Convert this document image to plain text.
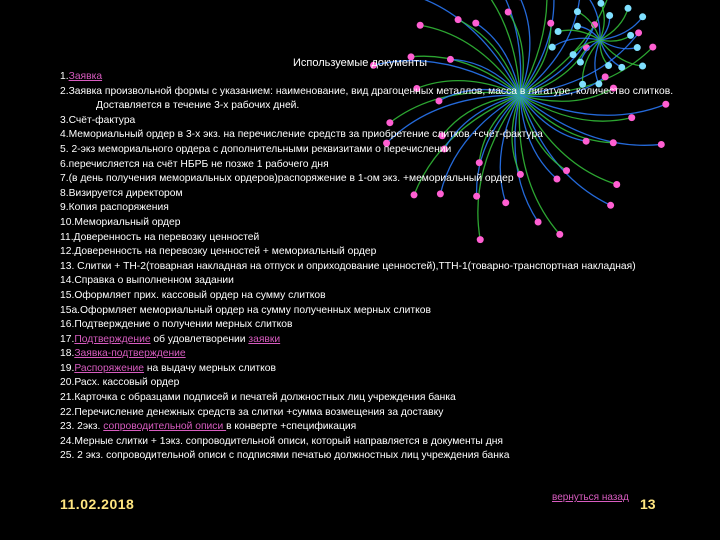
Используемые документы
1.Заявка
2.Заявка произвольной формы с указанием: наименование, вид драгоценных металлов, масса в лигатуре, количество слитков. Доставляется в течение 3-х рабочих дней.
3.Счёт-фактура
4.Мемориальный ордер в 3-х экз. на перечисление средств за приобретение слитков +счёт-фактура
5. 2-экз мемориального ордера с дополнительными реквизитами о перечислении
6.перечисляется на счёт НБРБ не позже 1 рабочего дня
7.(в день получения мемориальных ордеров)распоряжение в 1-ом экз. +мемориальный ордер
8.Визируется директором
9.Копия распоряжения
10.Мемориальный ордер
11.Доверенность на перевозку ценностей
12.Доверенность на перевозку ценностей + мемориальный ордер
13. Слитки + ТН-2(товарная накладная на отпуск и оприходование ценностей),ТТН-1(товарно-транспортная накладная)
14.Справка о выполненном задании
15.Оформляет прих. кассовый ордер на сумму слитков
15а.Оформляет мемориальный ордер на сумму полученных мерных слитков
16.Подтверждение о получении мерных слитков
17.Подтверждение об удовлетворении заявки
18.Заявка-подтверждение
19.Распоряжение на выдачу мерных слитков
20.Расх. кассовый ордер
21.Карточка с образцами подписей и печатей должностных лиц учреждения банка
22.Перечисление денежных средств за слитки +сумма возмещения за доставку
23. 2экз. сопроводительной описи в конверте +спецификация
24.Мерные слитки + 1экз. сопроводительной описи, который направляется в документы дня
25. 2 экз. сопроводительной описи с подписями печатью должностных лиц учреждения банка
11.02.2018	вернуться назад 13
